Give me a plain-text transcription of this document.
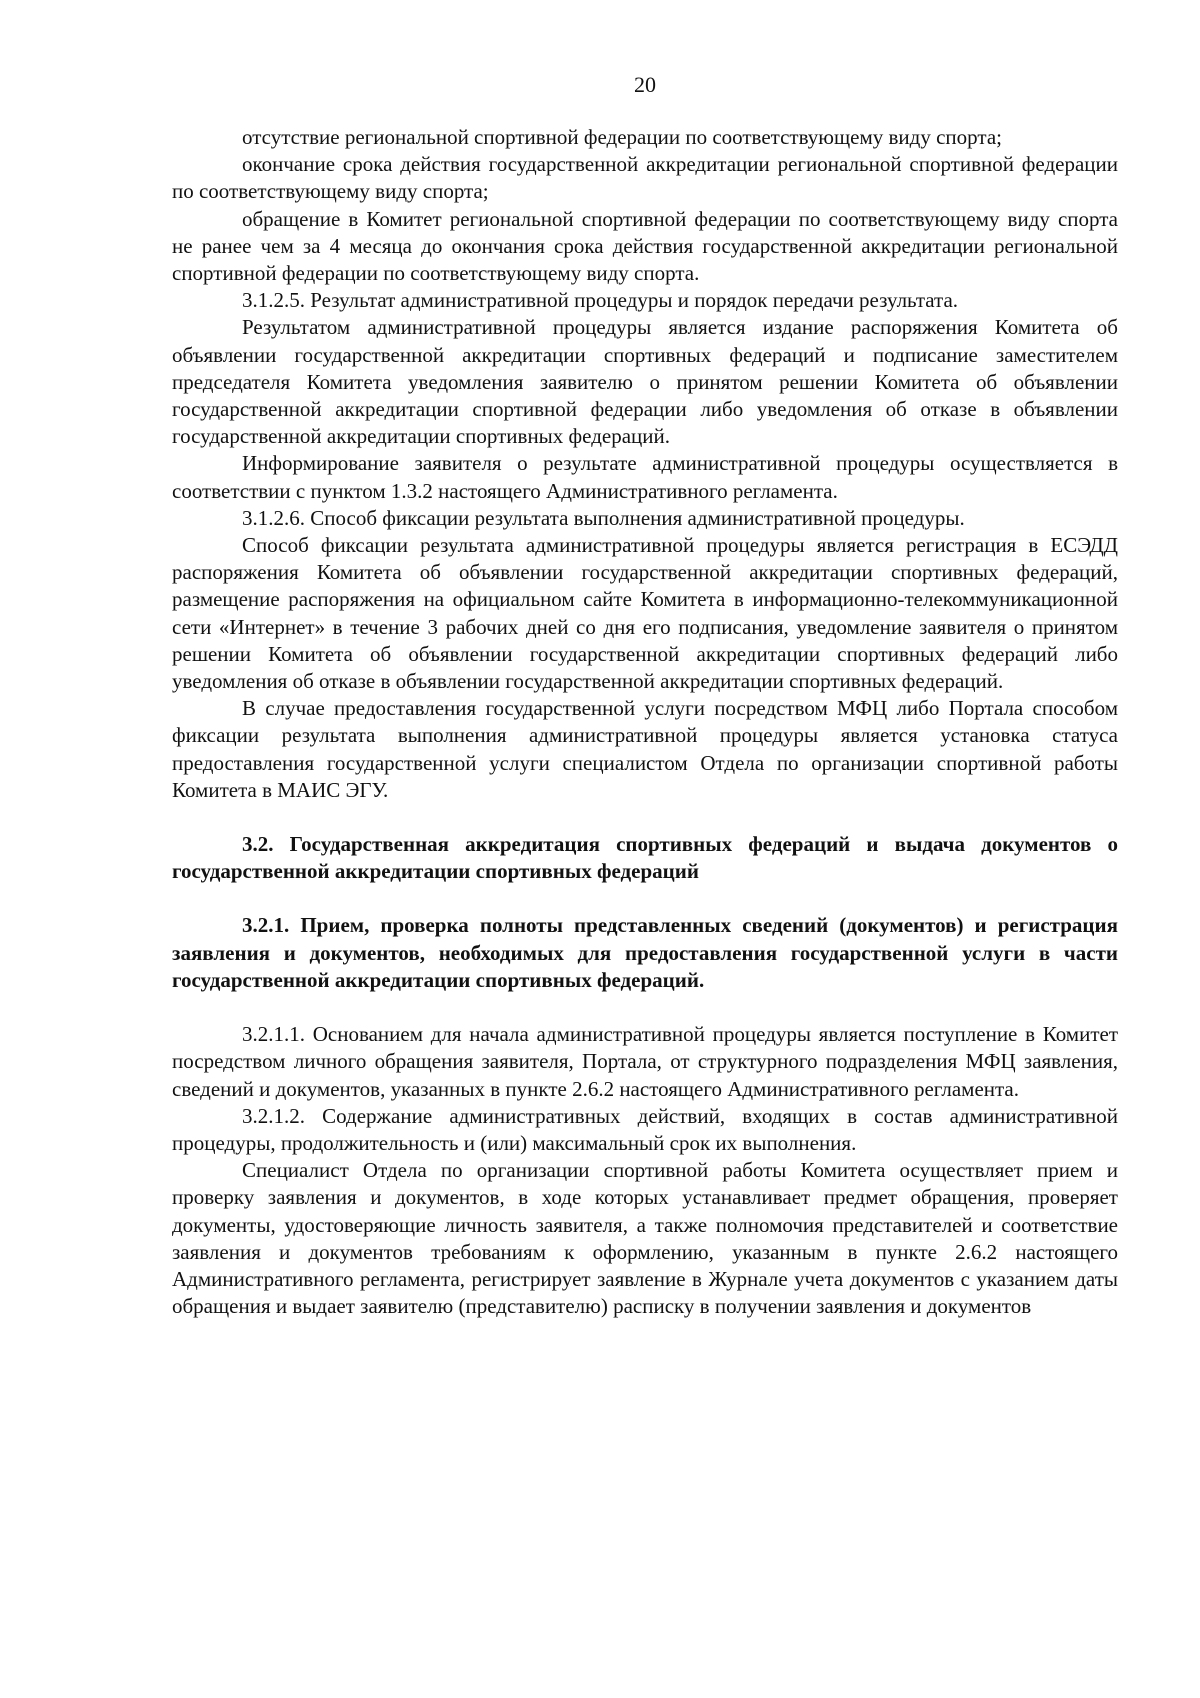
20

отсутствие региональной спортивной федерации по соответствующему виду спорта;

окончание срока действия государственной аккредитации региональной спортивной федерации по соответствующему виду спорта;

обращение в Комитет региональной спортивной федерации по соответствующему виду спорта не ранее чем за 4 месяца до окончания срока действия государственной аккредитации региональной спортивной федерации по соответствующему виду спорта.

3.1.2.5. Результат административной процедуры и порядок передачи результата.

Результатом административной процедуры является издание распоряжения Комитета об объявлении государственной аккредитации спортивных федераций и подписание заместителем председателя Комитета уведомления заявителю о принятом решении Комитета об объявлении государственной аккредитации спортивной федерации либо уведомления об отказе в объявлении государственной аккредитации спортивных федераций.

Информирование заявителя о результате административной процедуры осуществляется в соответствии с пунктом 1.3.2 настоящего Административного регламента.

3.1.2.6. Способ фиксации результата выполнения административной процедуры.

Способ фиксации результата административной процедуры является регистрация в ЕСЭДД распоряжения Комитета об объявлении государственной аккредитации спортивных федераций, размещение распоряжения на официальном сайте Комитета в информационно-телекоммуникационной сети «Интернет» в течение 3 рабочих дней со дня его подписания, уведомление заявителя о принятом решении Комитета об объявлении государственной аккредитации спортивных федераций либо уведомления об отказе в объявлении государственной аккредитации спортивных федераций.

В случае предоставления государственной услуги посредством МФЦ либо Портала способом фиксации результата выполнения административной процедуры является установка статуса предоставления государственной услуги специалистом Отдела по организации спортивной работы Комитета в МАИС ЭГУ.

3.2. Государственная аккредитация спортивных федераций и выдача документов о государственной аккредитации спортивных федераций

3.2.1. Прием, проверка полноты представленных сведений (документов) и регистрация заявления и документов, необходимых для предоставления государственной услуги в части государственной аккредитации спортивных федераций.

3.2.1.1. Основанием для начала административной процедуры является поступление в Комитет посредством личного обращения заявителя, Портала, от структурного подразделения МФЦ заявления, сведений и документов, указанных в пункте 2.6.2 настоящего Административного регламента.

3.2.1.2. Содержание административных действий, входящих в состав административной процедуры, продолжительность и (или) максимальный срок их выполнения.

Специалист Отдела по организации спортивной работы Комитета осуществляет прием и проверку заявления и документов, в ходе которых устанавливает предмет обращения, проверяет документы, удостоверяющие личность заявителя, а также полномочия представителей и соответствие заявления и документов требованиям к оформлению, указанным в пункте 2.6.2 настоящего Административного регламента, регистрирует заявление в Журнале учета документов с указанием даты обращения и выдает заявителю (представителю) расписку в получении заявления и документов
